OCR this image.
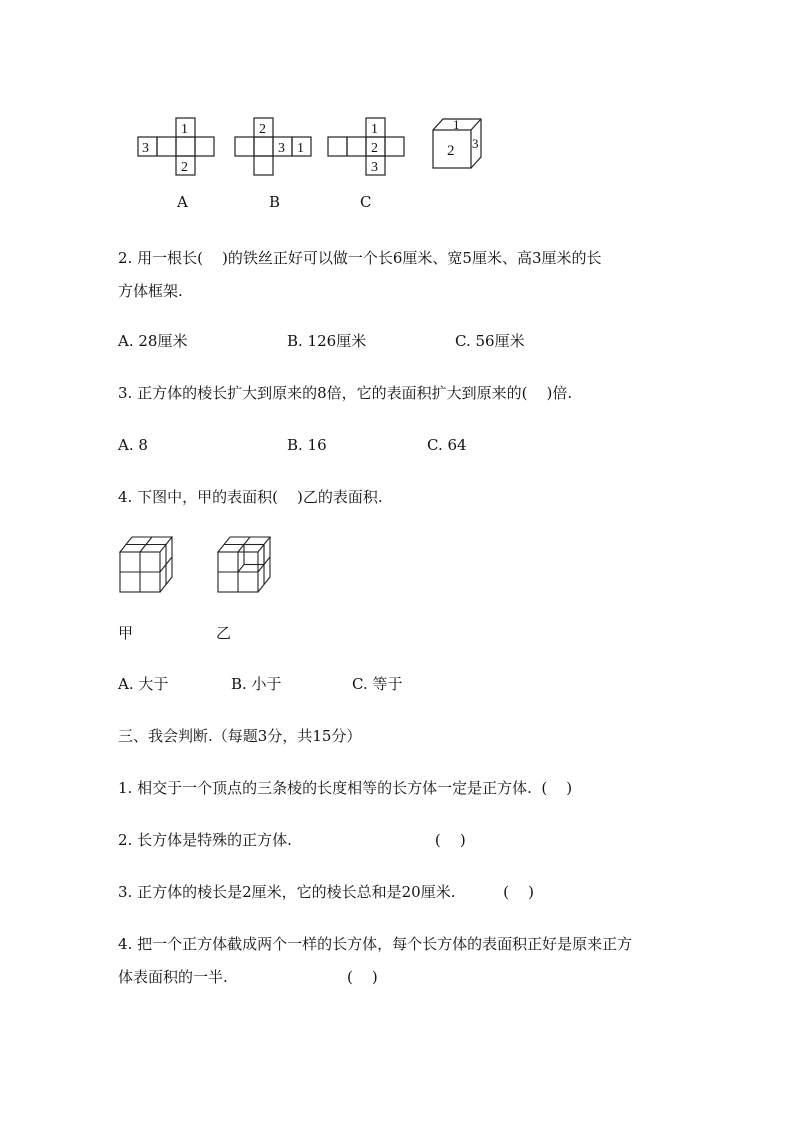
3
1
2
2
3 1
1
2
3
1
2 3
A	B	C
2. 用一根长(    )的铁丝正好可以做一个长6厘米、宽5厘米、高3厘米的长
方体框架.
A. 28厘米	B. 126厘米	C. 56厘米
3. 正方体的棱长扩大到原来的8倍，它的表面积扩大到原来的(    )倍.
A. 8	B. 16	C. 64
4. 下图中，甲的表面积(    )乙的表面积.
甲	乙
A. 大于	B. 小于	C. 等于
三、我会判断.（每题3分，共15分）
1. 相交于一个顶点的三条棱的长度相等的长方体一定是正方体.  (    )
2. 长方体是特殊的正方体.                              (    )
3. 正方体的棱长是2厘米，它的棱长总和是20厘米.          (    )
4. 把一个正方体截成两个一样的长方体，每个长方体的表面积正好是原来正方
体表面积的一半.                         (    )
